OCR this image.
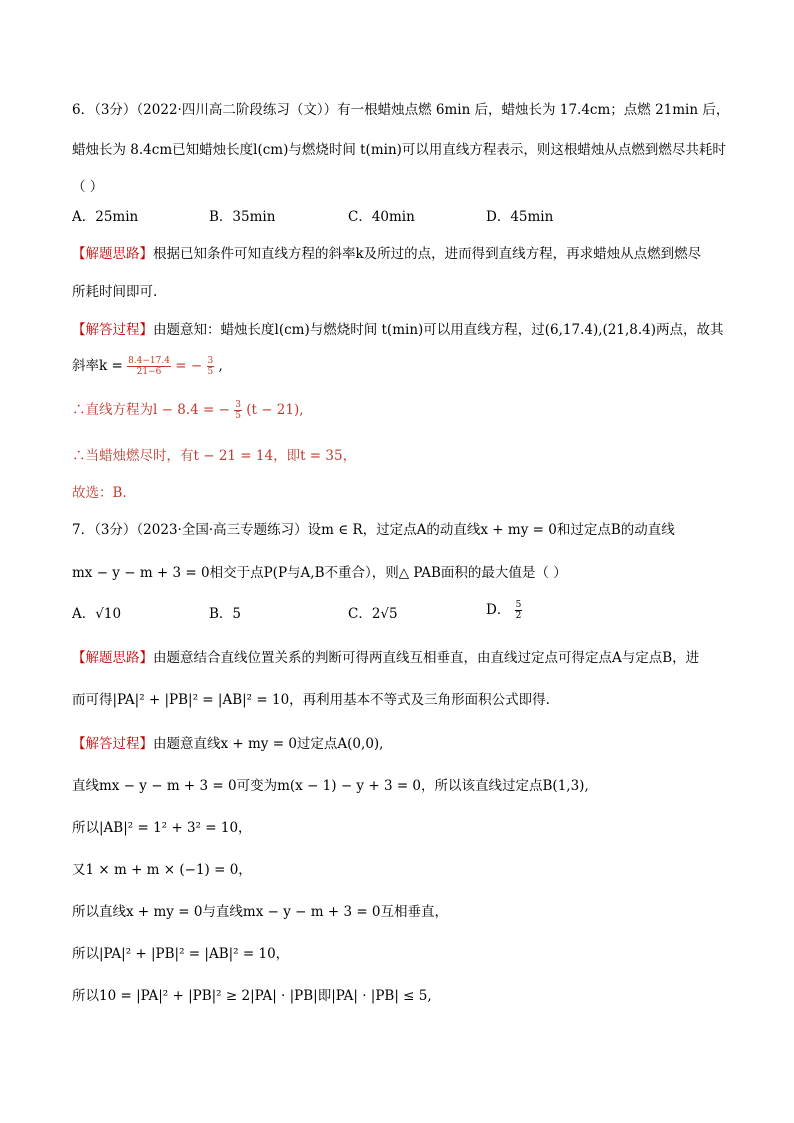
6．（3分）（2022·四川高二阶段练习（文））有一根蜡烛点燃 6min 后，蜡烛长为 17.4cm；点燃 21min 后，
蜡烛长为 8.4cm已知蜡烛长度l(cm)与燃烧时间 t(min)可以用直线方程表示，则这根蜡烛从点燃到燃尽共耗时
（ ）
A．25min	B．35min	C．40min	D．45min
【解题思路】根据已知条件可知直线方程的斜率k及所过的点，进而得到直线方程，再求蜡烛从点燃到燃尽
所耗时间即可.
【解答过程】由题意知：蜡烛长度l(cm)与燃烧时间 t(min)可以用直线方程，过(6,17.4),(21,8.4)两点，故其
斜率$k = \frac{8.4-17.4}{21-6}$ = − $\frac{3}{5}$ ,
∴直线方程为l − 8.4 = − $\frac{3}{5} (t - 21)$,
∴当蜡烛燃尽时，有t − 21 = 14，即t = 35，
故选：B.
7．（3分）（2023·全国·高三专题练习）设m ∈ R，过定点A的动直线x + my = 0和过定点B的动直线
mx − y − m + 3 = 0相交于点P(P与A,B不重合），则△ PAB面积的最大值是（ ）
A．√10	B．5	C．2√5	D． $\frac{5}{2}$
【解题思路】由题意结合直线位置关系的判断可得两直线互相垂直，由直线过定点可得定点A与定点B，进
而可得|PA|² + |PB|² = |AB|² = 10，再利用基本不等式及三角形面积公式即得.
【解答过程】由题意直线x + my = 0过定点A(0,0),
直线mx − y − m + 3 = 0可变为m(x − 1) − y + 3 = 0，所以该直线过定点B(1,3),
所以|AB|² = 1² + 3² = 10，
又1 × m + m × (−1) = 0，
所以直线x + my = 0与直线mx − y − m + 3 = 0互相垂直，
所以|PA|² + |PB|² = |AB|² = 10，
所以10 = |PA|² + |PB|² ≥ 2|PA| · |PB|即|PA| · |PB| ≤ 5,
